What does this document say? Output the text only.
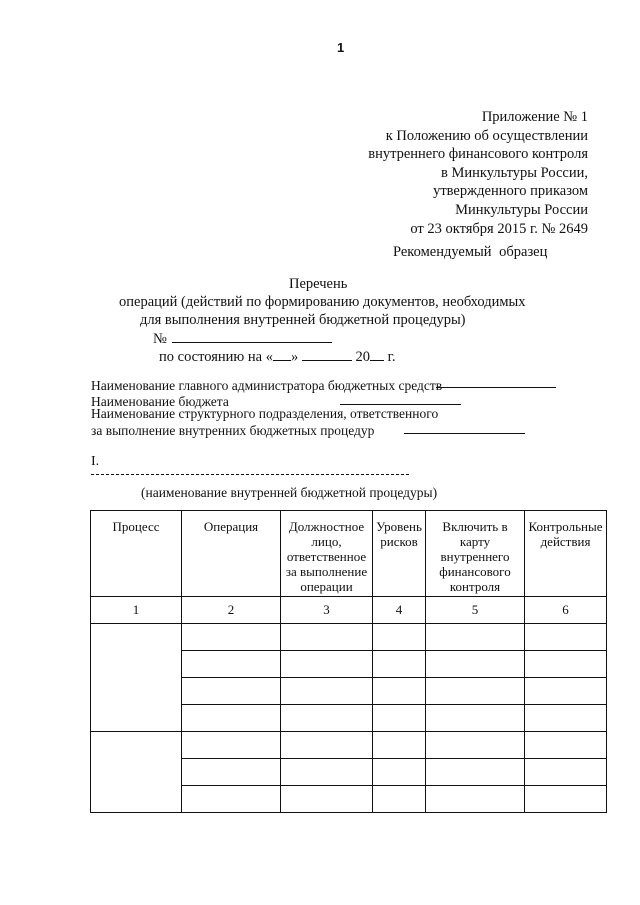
1
Приложение № 1
к Положению об осуществлении
внутреннего финансового контроля
в Минкультуры России,
утвержденного приказом
Минкультуры России
от 23 октября 2015 г. № 2649
Рекомендуемый образец
Перечень
операций (действий по формированию документов, необходимых
для выполнения внутренней бюджетной процедуры)
№
по состоянию на « »	20 г.
Наименование главного администратора бюджетных средств
Наименование бюджета
Наименование структурного подразделения, ответственного
за выполнение внутренних бюджетных процедур
I.
(наименование внутренней бюджетной процедуры)
Процесс	Операция	Должностное лицо, ответственное за выполнение операции	Уровень рисков	Включить в карту внутреннего финансового контроля	Контрольные действия
1	2	3	4	5	6
